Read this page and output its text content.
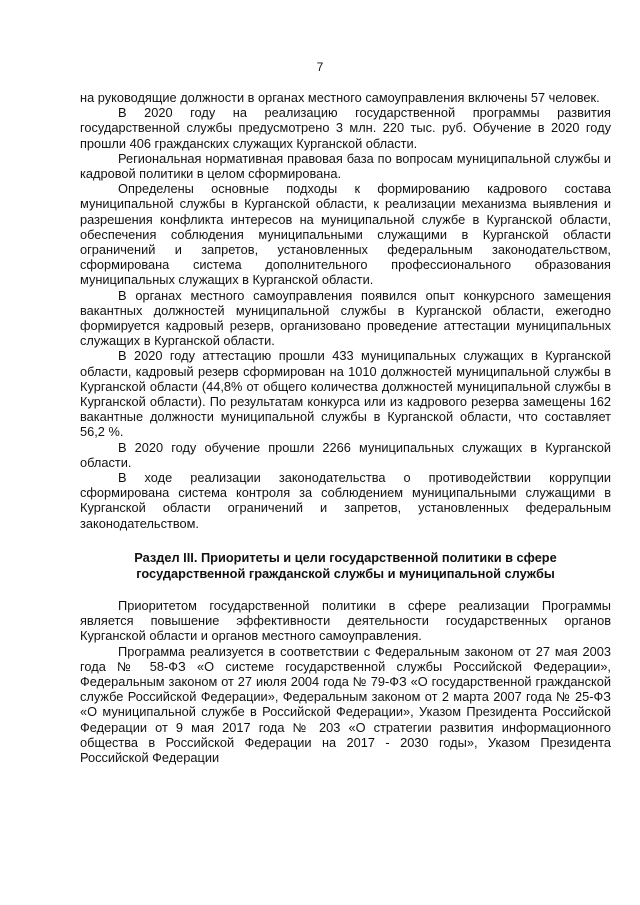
7

на руководящие должности в органах местного самоуправления включены 57 человек.

В 2020 году на реализацию государственной программы развития государственной службы предусмотрено 3 млн. 220 тыс. руб. Обучение в 2020 году прошли 406 гражданских служащих Курганской области.

Региональная нормативная правовая база по вопросам муниципальной службы и кадровой политики в целом сформирована.

Определены основные подходы к формированию кадрового состава муниципальной службы в Курганской области, к реализации механизма выявления и разрешения конфликта интересов на муниципальной службе в Курганской области, обеспечения соблюдения муниципальными служащими в Курганской области ограничений и запретов, установленных федеральным законодательством, сформирована система дополнительного профессионального образования муниципальных служащих в Курганской области.

В органах местного самоуправления появился опыт конкурсного замещения вакантных должностей муниципальной службы в Курганской области, ежегодно формируется кадровый резерв, организовано проведение аттестации муниципальных служащих в Курганской области.

В 2020 году аттестацию прошли 433 муниципальных служащих в Курганской области, кадровый резерв сформирован на 1010 должностей муниципальной службы в Курганской области (44,8% от общего количества должностей муниципальной службы в Курганской области). По результатам конкурса или из кадрового резерва замещены 162 вакантные должности муниципальной службы в Курганской области, что составляет 56,2 %.

В 2020 году обучение прошли 2266 муниципальных служащих в Курганской области.

В ходе реализации законодательства о противодействии коррупции сформирована система контроля за соблюдением муниципальными служащими в Курганской области ограничений и запретов, установленных федеральным законодательством.

Раздел III. Приоритеты и цели государственной политики в сфере
государственной гражданской службы и муниципальной службы

Приоритетом государственной политики в сфере реализации Программы является повышение эффективности деятельности государственных органов Курганской области и органов местного самоуправления.

Программа реализуется в соответствии с Федеральным законом от 27 мая 2003 года № 58-ФЗ «О системе государственной службы Российской Федерации», Федеральным законом от 27 июля 2004 года № 79-ФЗ «О государственной гражданской службе Российской Федерации», Федеральным законом от 2 марта 2007 года № 25-ФЗ «О муниципальной службе в Российской Федерации», Указом Президента Российской Федерации от 9 мая 2017 года № 203 «О стратегии развития информационного общества в Российской Федерации на 2017 - 2030 годы», Указом Президента Российской Федерации
